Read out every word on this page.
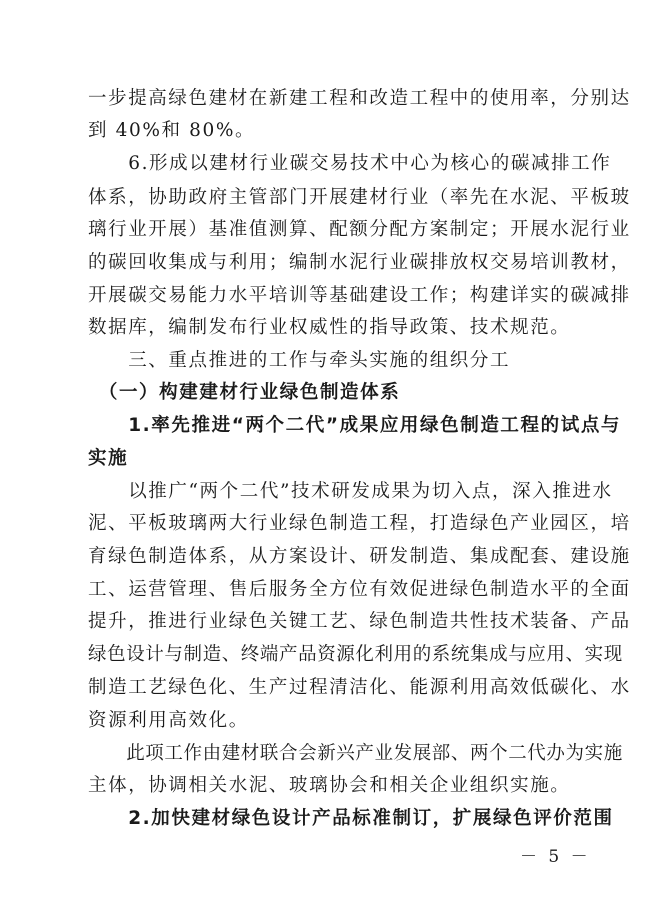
一步提高绿色建材在新建工程和改造工程中的使用率，分别达

到 40%和 80%。

　　6.形成以建材行业碳交易技术中心为核心的碳减排工作

体系，协助政府主管部门开展建材行业（率先在水泥、平板玻

璃行业开展）基准值测算、配额分配方案制定；开展水泥行业

的碳回收集成与利用；编制水泥行业碳排放权交易培训教材，

开展碳交易能力水平培训等基础建设工作；构建详实的碳减排

数据库，编制发布行业权威性的指导政策、技术规范。

　　三、重点推进的工作与牵头实施的组织分工

　（一）构建建材行业绿色制造体系

　　1.率先推进“两个二代”成果应用绿色制造工程的试点与

实施

　　以推广“两个二代”技术研发成果为切入点，深入推进水

泥、平板玻璃两大行业绿色制造工程，打造绿色产业园区，培

育绿色制造体系，从方案设计、研发制造、集成配套、建设施

工、运营管理、售后服务全方位有效促进绿色制造水平的全面

提升，推进行业绿色关键工艺、绿色制造共性技术装备、产品

绿色设计与制造、终端产品资源化利用的系统集成与应用、实现

制造工艺绿色化、生产过程清洁化、能源利用高效低碳化、水

资源利用高效化。

　　此项工作由建材联合会新兴产业发展部、两个二代办为实施

主体，协调相关水泥、玻璃协会和相关企业组织实施。

　　2.加快建材绿色设计产品标准制订，扩展绿色评价范围

－ 5 －
